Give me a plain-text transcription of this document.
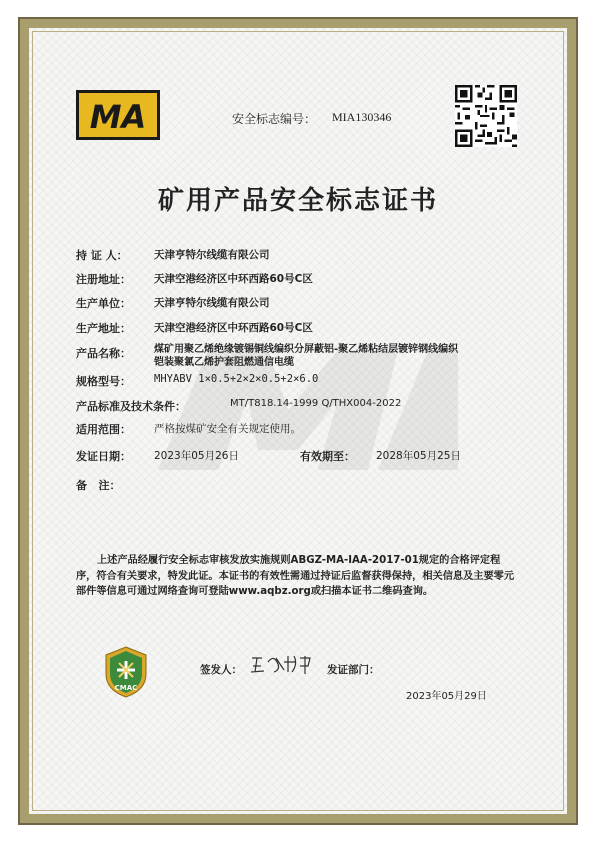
MA	安全标志编号： MIA130346
矿用产品安全标志证书
持 证 人：	天津亨特尔线缆有限公司
注册地址： 天津空港经济区中环西路60号C区
生产单位： 天津亨特尔线缆有限公司
生产地址： 天津空港经济区中环西路60号C区
产品名称： 煤矿用聚乙烯绝缘镀锡铜线编织分屏蔽铝-聚乙烯粘结层镀锌钢线编织
铠装聚氯乙烯护套阻燃通信电缆
规格型号： MHYABV 1×0.5+2×2×0.5+2×6.0
产品标准及技术条件：	MT/T818.14-1999 Q/THX004-2022
适用范围： 严格按煤矿安全有关规定使用。
发证日期： 2023年05月26日	有效期至： 2028年05月25日
备   注：
上述产品经履行安全标志审核发放实施规则ABGZ-MA-IAA-2017-01规定的合格评定程序，符合有关要求，特发此证。本证书的有效性需通过持证后监督获得保持，相关信息及主要零元部件等信息可通过网络查询可登陆www.aqbz.org或扫描本证书二维码查询。
CMAC
签发人：	发证部门：
2023年05月29日
